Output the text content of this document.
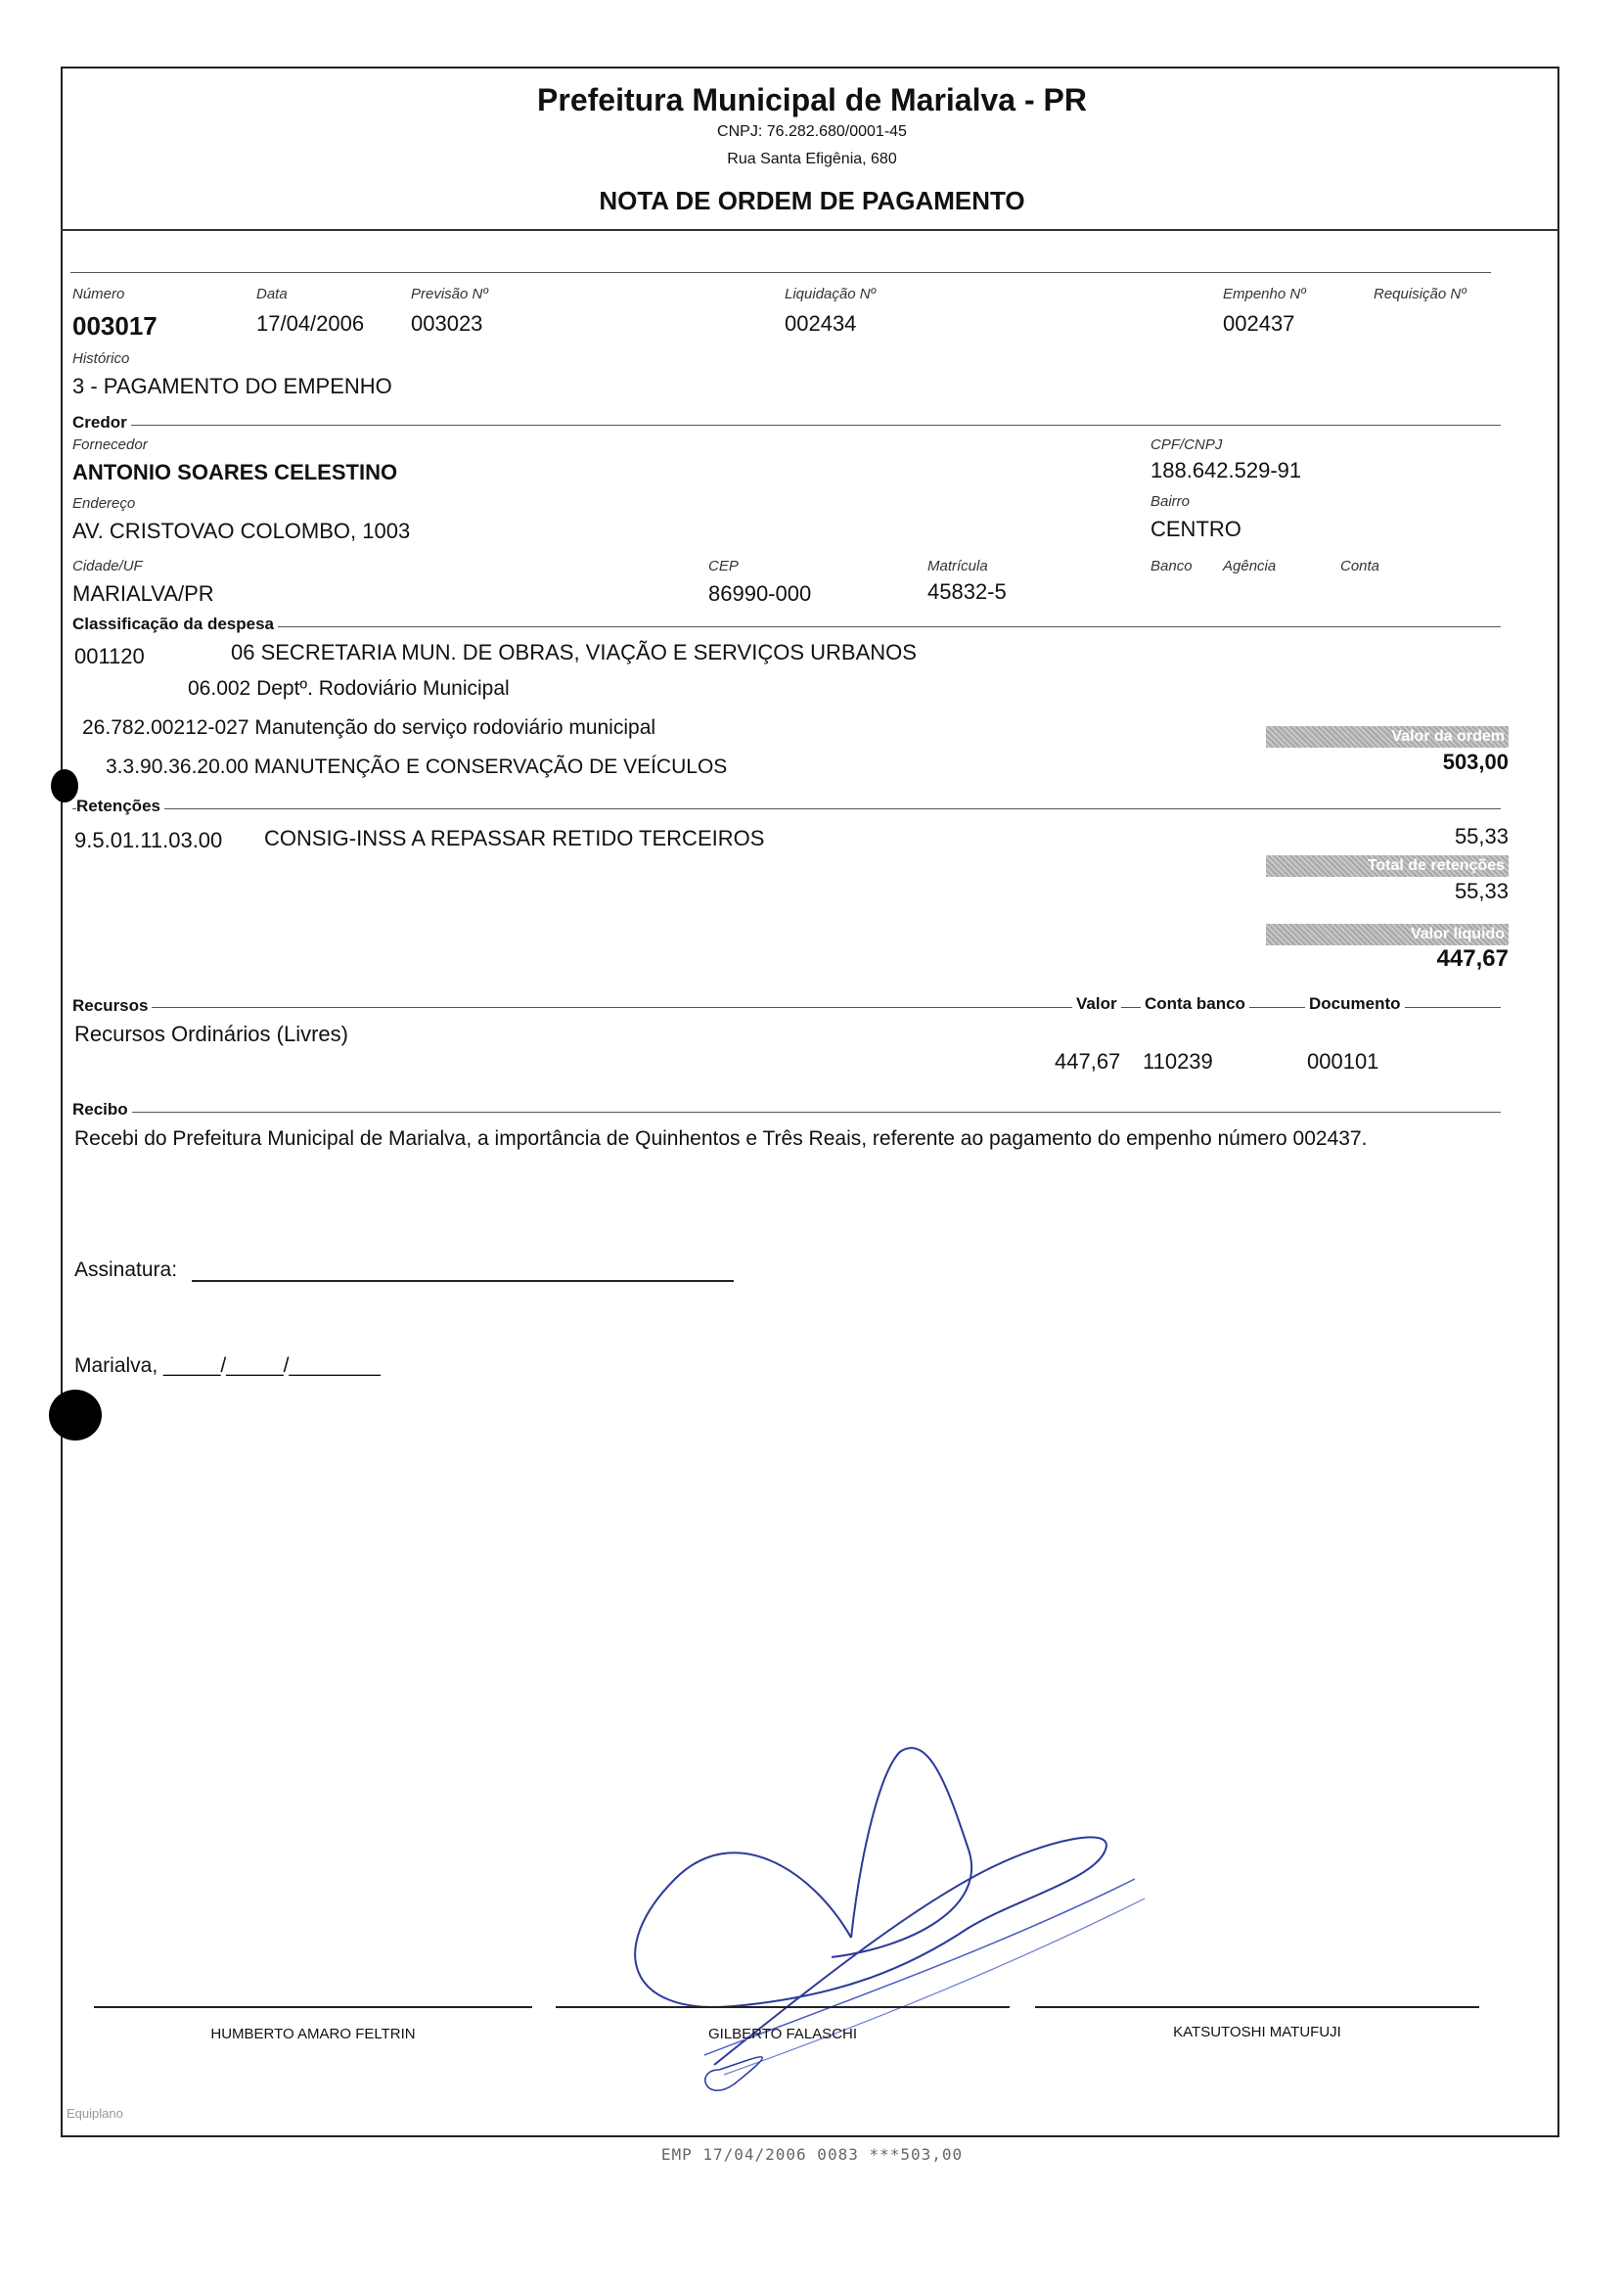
Prefeitura Municipal de Marialva - PR
CNPJ: 76.282.680/0001-45
Rua Santa Efigênia, 680
NOTA DE ORDEM DE PAGAMENTO
Número
003017
Data
17/04/2006
Previsão Nº
003023
Liquidação Nº
002434
Empenho Nº
002437
Requisição Nº
Histórico
3 - PAGAMENTO DO EMPENHO
Credor
Fornecedor
ANTONIO SOARES CELESTINO
CPF/CNPJ
188.642.529-91
Endereço
AV. CRISTOVAO COLOMBO, 1003
Bairro
CENTRO
Cidade/UF
MARIALVA/PR
CEP
86990-000
Matrícula
45832-5
Banco Agência	Conta
Classificação da despesa
001120	06 SECRETARIA MUN. DE OBRAS, VIAÇÃO E SERVIÇOS URBANOS
06.002 Deptº. Rodoviário Municipal
26.782.00212-027 Manutenção do serviço rodoviário municipal
3.3.90.36.20.00 MANUTENÇÃO E CONSERVAÇÃO DE VEÍCULOS
Valor da ordem
503,00
Retenções
9.5.01.11.03.00 CONSIG-INSS A REPASSAR RETIDO TERCEIROS	55,33
Total de retenções
55,33
Valor líquido
447,67
Recursos	Valor Conta banco	Documento
Recursos Ordinários (Livres)
447,67 110239	000101
Recibo
Recebi do Prefeitura Municipal de Marialva, a importância de Quinhentos e Três Reais, referente ao pagamento do empenho número 002437.
Assinatura:
Marialva, _____/_____/________
HUMBERTO AMARO FELTRIN	GILBERTO FALASCHI	KATSUTOSHI MATUFUJI
Equiplano
EMP 17/04/2006 0083 ***503,00
